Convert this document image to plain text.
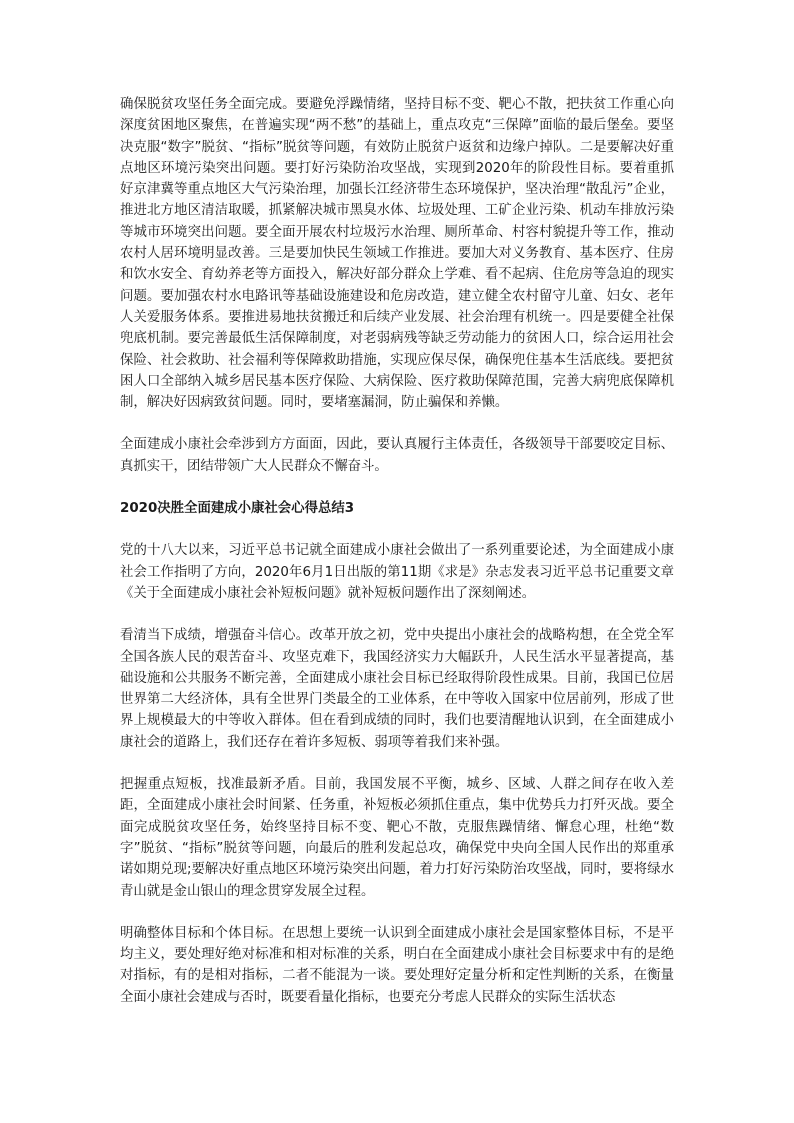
确保脱贫攻坚任务全面完成。要避免浮躁情绪，坚持目标不变、靶心不散，把扶贫工作重心向深度贫困地区聚焦，在普遍实现“两不愁”的基础上，重点攻克“三保障”面临的最后堡垒。要坚决克服“数字”脱贫、“指标”脱贫等问题，有效防止脱贫户返贫和边缘户掉队。二是要解决好重点地区环境污染突出问题。要打好污染防治攻坚战，实现到2020年的阶段性目标。要着重抓好京津冀等重点地区大气污染治理，加强长江经济带生态环境保护，坚决治理“散乱污”企业，推进北方地区清洁取暖，抓紧解决城市黑臭水体、垃圾处理、工矿企业污染、机动车排放污染等城市环境突出问题。要全面开展农村垃圾污水治理、厕所革命、村容村貌提升等工作，推动农村人居环境明显改善。三是要加快民生领域工作推进。要加大对义务教育、基本医疗、住房和饮水安全、育幼养老等方面投入，解决好部分群众上学难、看不起病、住危房等急迫的现实问题。要加强农村水电路讯等基础设施建设和危房改造，建立健全农村留守儿童、妇女、老年人关爱服务体系。要推进易地扶贫搬迁和后续产业发展、社会治理有机统一。四是要健全社保兜底机制。要完善最低生活保障制度，对老弱病残等缺乏劳动能力的贫困人口，综合运用社会保险、社会救助、社会福利等保障救助措施，实现应保尽保，确保兜住基本生活底线。要把贫困人口全部纳入城乡居民基本医疗保险、大病保险、医疗救助保障范围，完善大病兜底保障机制，解决好因病致贫问题。同时，要堵塞漏洞，防止骗保和养懒。

全面建成小康社会牵涉到方方面面，因此，要认真履行主体责任，各级领导干部要咬定目标、真抓实干，团结带领广大人民群众不懈奋斗。

2020决胜全面建成小康社会心得总结3

党的十八大以来，习近平总书记就全面建成小康社会做出了一系列重要论述，为全面建成小康社会工作指明了方向，2020年6月1日出版的第11期《求是》杂志发表习近平总书记重要文章《关于全面建成小康社会补短板问题》就补短板问题作出了深刻阐述。

看清当下成绩，增强奋斗信心。改革开放之初，党中央提出小康社会的战略构想，在全党全军全国各族人民的艰苦奋斗、攻坚克难下，我国经济实力大幅跃升，人民生活水平显著提高，基础设施和公共服务不断完善，全面建成小康社会目标已经取得阶段性成果。目前，我国已位居世界第二大经济体，具有全世界门类最全的工业体系，在中等收入国家中位居前列，形成了世界上规模最大的中等收入群体。但在看到成绩的同时，我们也要清醒地认识到，在全面建成小康社会的道路上，我们还存在着许多短板、弱项等着我们来补强。

把握重点短板，找准最新矛盾。目前，我国发展不平衡，城乡、区域、人群之间存在收入差距，全面建成小康社会时间紧、任务重，补短板必须抓住重点，集中优势兵力打歼灭战。要全面完成脱贫攻坚任务，始终坚持目标不变、靶心不散，克服焦躁情绪、懈怠心理，杜绝“数字”脱贫、“指标”脱贫等问题，向最后的胜利发起总攻，确保党中央向全国人民作出的郑重承诺如期兑现;要解决好重点地区环境污染突出问题，着力打好污染防治攻坚战，同时，要将绿水青山就是金山银山的理念贯穿发展全过程。

明确整体目标和个体目标。在思想上要统一认识到全面建成小康社会是国家整体目标，不是平均主义，要处理好绝对标准和相对标准的关系，明白在全面建成小康社会目标要求中有的是绝对指标，有的是相对指标，二者不能混为一谈。要处理好定量分析和定性判断的关系，在衡量全面小康社会建成与否时，既要看量化指标，也要充分考虑人民群众的实际生活状态
